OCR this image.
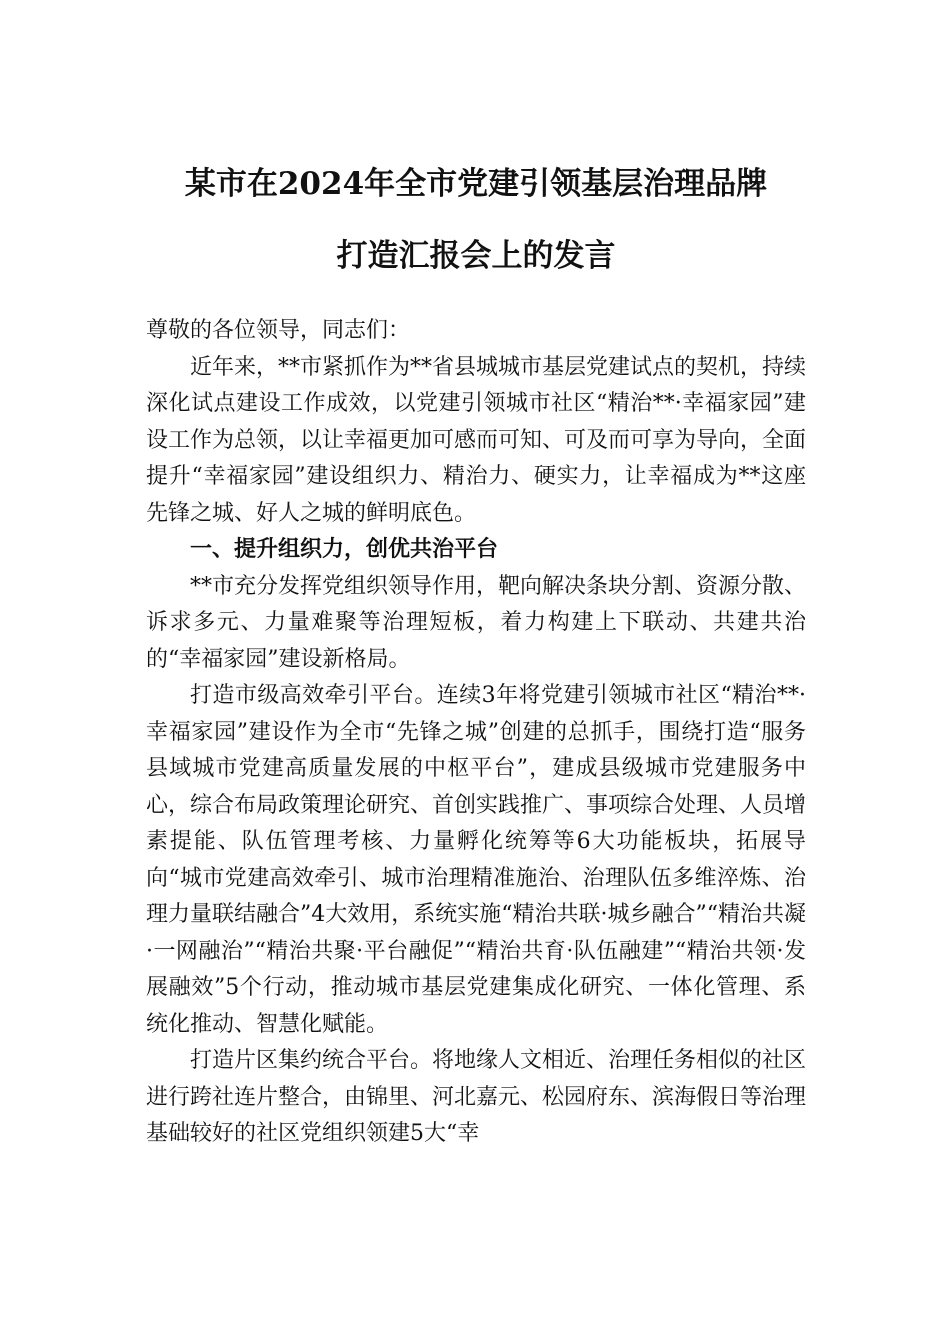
某市在2024年全市党建引领基层治理品牌
打造汇报会上的发言

尊敬的各位领导，同志们：

近年来，**市紧抓作为**省县城城市基层党建试点的契机，持续深化试点建设工作成效，以党建引领城市社区“精治**·幸福家园”建设工作为总领，以让幸福更加可感而可知、可及而可享为导向，全面提升“幸福家园”建设组织力、精治力、硬实力，让幸福成为**这座先锋之城、好人之城的鲜明底色。

一、提升组织力，创优共治平台

**市充分发挥党组织领导作用，靶向解决条块分割、资源分散、诉求多元、力量难聚等治理短板，着力构建上下联动、共建共治的“幸福家园”建设新格局。

打造市级高效牵引平台。连续3年将党建引领城市社区“精治**·幸福家园”建设作为全市“先锋之城”创建的总抓手，围绕打造“服务县域城市党建高质量发展的中枢平台”，建成县级城市党建服务中心，综合布局政策理论研究、首创实践推广、事项综合处理、人员增素提能、队伍管理考核、力量孵化统筹等6大功能板块，拓展导向“城市党建高效牵引、城市治理精准施治、治理队伍多维淬炼、治理力量联结融合”4大效用，系统实施“精治共联·城乡融合”“精治共凝·一网融治”“精治共聚·平台融促”“精治共育·队伍融建”“精治共领·发展融效”5个行动，推动城市基层党建集成化研究、一体化管理、系统化推动、智慧化赋能。

打造片区集约统合平台。将地缘人文相近、治理任务相似的社区进行跨社连片整合，由锦里、河北嘉元、松园府东、滨海假日等治理基础较好的社区党组织领建5大“幸
